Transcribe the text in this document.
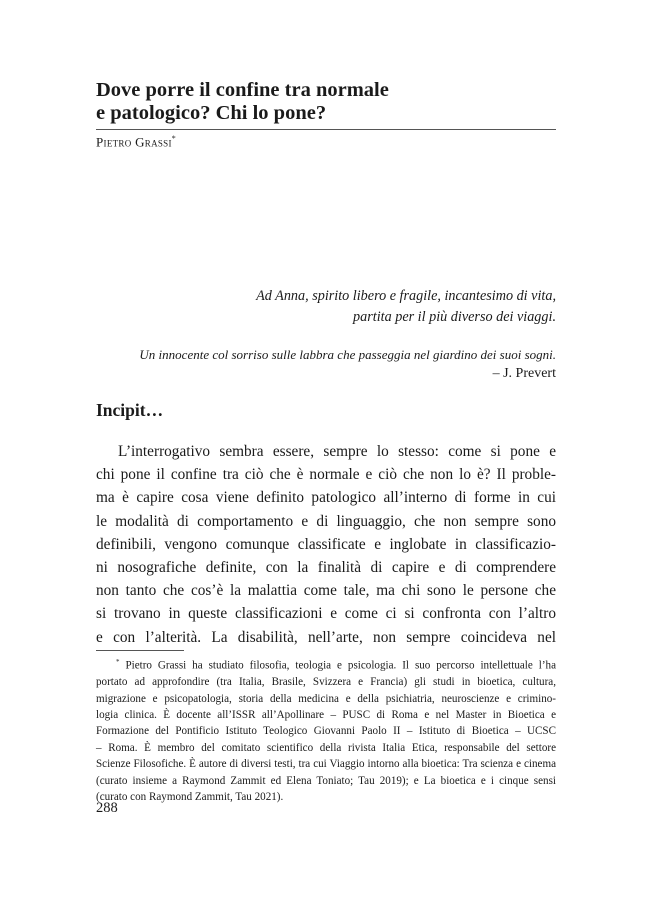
Dove porre il confine tra normale
e patologico? Chi lo pone?
Pietro Grassi*
Ad Anna, spirito libero e fragile, incantesimo di vita,
partita per il più diverso dei viaggi.
Un innocente col sorriso sulle labbra che passeggia nel giardino dei suoi sogni.
– J. Prevert
Incipit…
L’interrogativo sembra essere, sempre lo stesso: come si pone e
chi pone il confine tra ciò che è normale e ciò che non lo è? Il proble-
ma è capire cosa viene definito patologico all’interno di forme in cui
le modalità di comportamento e di linguaggio, che non sempre sono
definibili, vengono comunque classificate e inglobate in classificazio-
ni nosografiche definite, con la finalità di capire e di comprendere
non tanto che cos’è la malattia come tale, ma chi sono le persone che
si trovano in queste classificazioni e come ci si confronta con l’altro
e con l’alterità. La disabilità, nell’arte, non sempre coincideva nel
* Pietro Grassi ha studiato filosofia, teologia e psicologia. Il suo percorso intellettuale l’ha
portato ad approfondire (tra Italia, Brasile, Svizzera e Francia) gli studi in bioetica, cultura,
migrazione e psicopatologia, storia della medicina e della psichiatria, neuroscienze e crimino-
logia clinica. È docente all’ISSR all’Apollinare – PUSC di Roma e nel Master in Bioetica e
Formazione del Pontificio Istituto Teologico Giovanni Paolo II – Istituto di Bioetica – UCSC
– Roma. È membro del comitato scientifico della rivista Italia Etica, responsabile del settore
Scienze Filosofiche. È autore di diversi testi, tra cui Viaggio intorno alla bioetica: Tra scienza e cinema
(curato insieme a Raymond Zammit ed Elena Toniato; Tau 2019); e La bioetica e i cinque sensi
(curato con Raymond Zammit, Tau 2021).
288
